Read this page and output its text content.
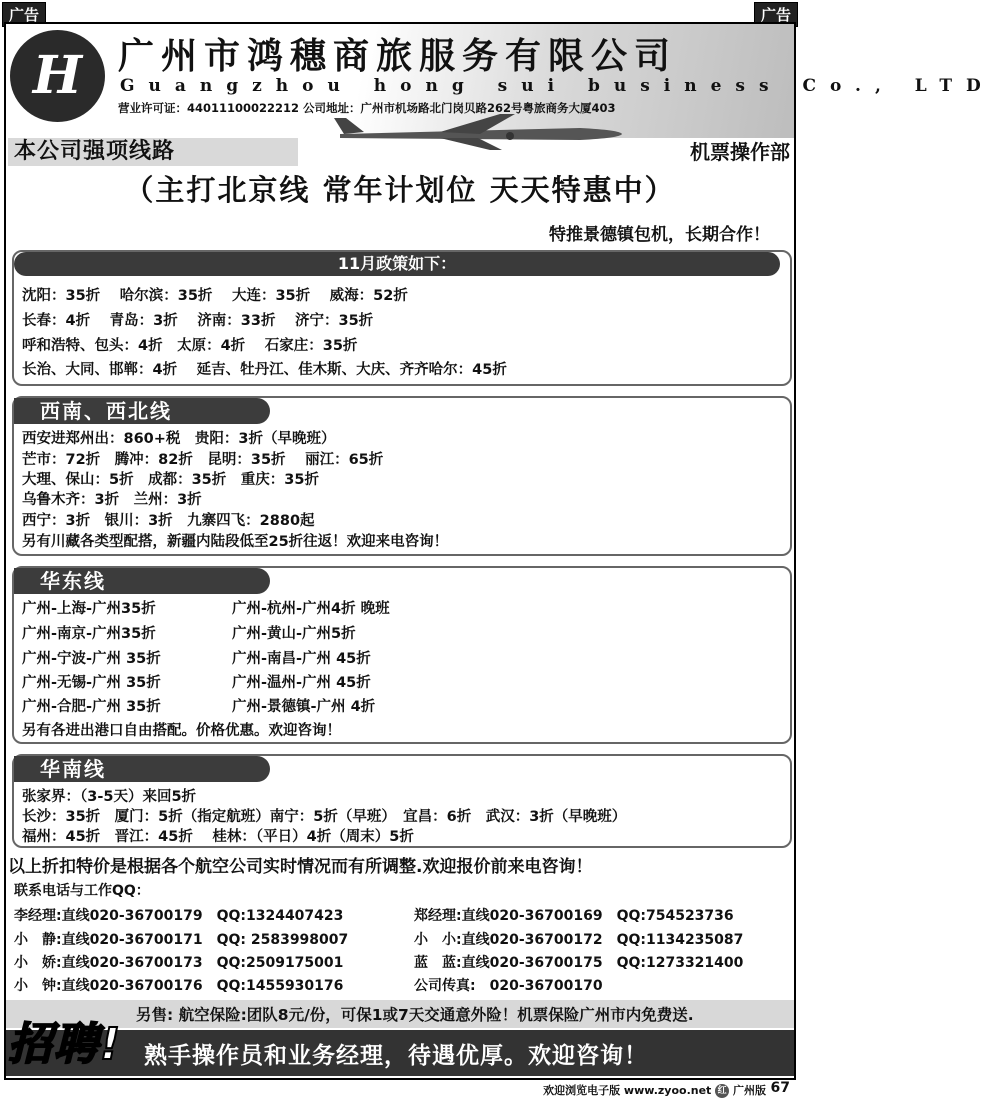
广告	广告
H 广州市鸿穗商旅服务有限公司
Guangzhou hong sui business Co., LTD
营业许可证：440111000222​12 公司地址：广州市机场路北门岗贝路262号粤旅商务大厦403
本公司强项线路	机票操作部
（主打北京线 常年计划位 天天特惠中）
特推景德镇包机，长期合作！
11月政策如下：
沈阳：35折　 哈尔滨：35折　 大连：35折　 威海：52折
长春：4折　 青岛：3折　 济南：33折　 济宁：35折
呼和浩特、包头：4折　太原：4折　 石家庄：35折
长治、大同、邯郸：4折　 延吉、牡丹江、佳木斯、大庆、齐齐哈尔：45折
西南、西北线
西安进郑州出：860+税　贵阳：3折（早晚班）
芒市：72折　腾冲：82折　昆明：35折　 丽江：65折
大理、保山：5折　成都：35折　重庆：35折
乌鲁木齐：3折　兰州：3折
西宁：3折　银川：3折　九寨四飞：2880起
另有川藏各类型配搭，新疆内陆段低至25折往返！欢迎来电咨询！
华东线
广州-上海-广州35折
广州-南京-广州35折
广州-宁波-广州 35折
广州-无锡-广州 35折
广州-合肥-广州 35折
广州-杭州-广州4折 晚班
广州-黄山-广州5折
广州-南昌-广州 45折
广州-温州-广州 45折
广州-景德镇-广州 4折
另有各进出港口自由搭配。价格优惠。欢迎咨询！
华南线
张家界：（3-5天）来回5折
长沙：35折　厦门：5折（指定航班）南宁：5折（早班）　宜昌：6折　武汉：3折（早晚班）
福州：45折　晋江：45折　 桂林：（平日）4折（周末）5折
以上折扣特价是根据各个航空公司实时情况而有所调整.欢迎报价前来电咨询！
联系电话与工作QQ：
李经理:直线020-36700179 QQ:1324407423
小　静:直线020-36700171 QQ: 2583998007
小　娇:直线020-36700173 QQ:2509175001
小　钟:直线020-36700176 QQ:1455930176
郑经理:直线020-36700169 QQ:754523736
小　小:直线020-36700172 QQ:1134235087
蓝　蓝:直线020-36700175 QQ:1273321400
公司传真: 020-36700170
另售: 航空保险:团队8元/份，可保1或7天交通意外险！机票保险广州市内免费送.
熟手操作员和业务经理，待遇优厚。欢迎咨询！
招聘!
欢迎浏览电子版 www.zyoo.net 红 广州版 67
